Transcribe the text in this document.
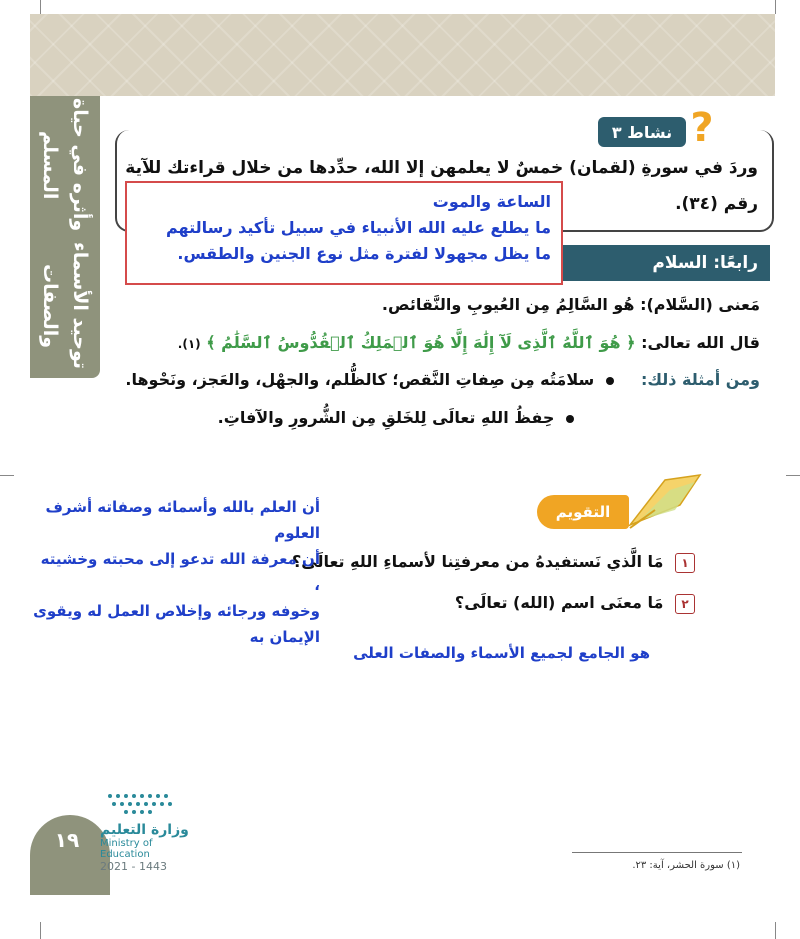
توحيد الأسماء والصفات
وأثره في حياة المسلم	نشاط ٣ ?
وردَ في سورةِ (لقمان) خمسٌ لا يعلمهن إلا الله، حدِّدها من خلال قراءتك للآية
رقم (٣٤).
رابعًا: السلام
الساعة والموت
ما يطلع عليه الله الأنبياء في سبيل تأكيد رسالتهم
ما يظل مجهولا لفترة مثل نوع الجنين والطقس.
مَعنى (السَّلام): هُو السَّالِمُ مِن العُيوبِ والنَّقائص.
قال الله تعالى: ﴿ هُوَ ٱللَّهُ ٱلَّذِى لَآ إِلَٰهَ إِلَّا هُوَ ٱلۡمَلِكُ ٱلۡقُدُّوسُ ٱلسَّلَٰمُ ﴾ (١).
ومن أمثلة ذلك:   سلامَتُه مِن صِفاتِ النَّقص؛ كالظُّلم، والجهْل، والعَجز، ونَحْوها.
حِفظُ اللهِ تعالَى لِلخَلقِ مِن الشُّرورِ والآفاتِ.
التقويم
١ مَا الَّذي نَستفيدهُ من معرفتِنا لأسماءِ اللهِ تعالَى؟
٢ مَا معنَى اسم (الله) تعالَى؟
هو الجامع لجميع الأسماء والصفات العلى
أن العلم بالله وأسمائه وصفاته أشرف العلوم
أن معرفة الله تدعو إلى محبته وخشيته ،
وخوفه ورجائه وإخلاص العمل له ويقوى
الإيمان به
(١) سورة الحشر، آية: ٢٣.
١٩	وزارة التعليم
Ministry of Education
2021 - 1443
